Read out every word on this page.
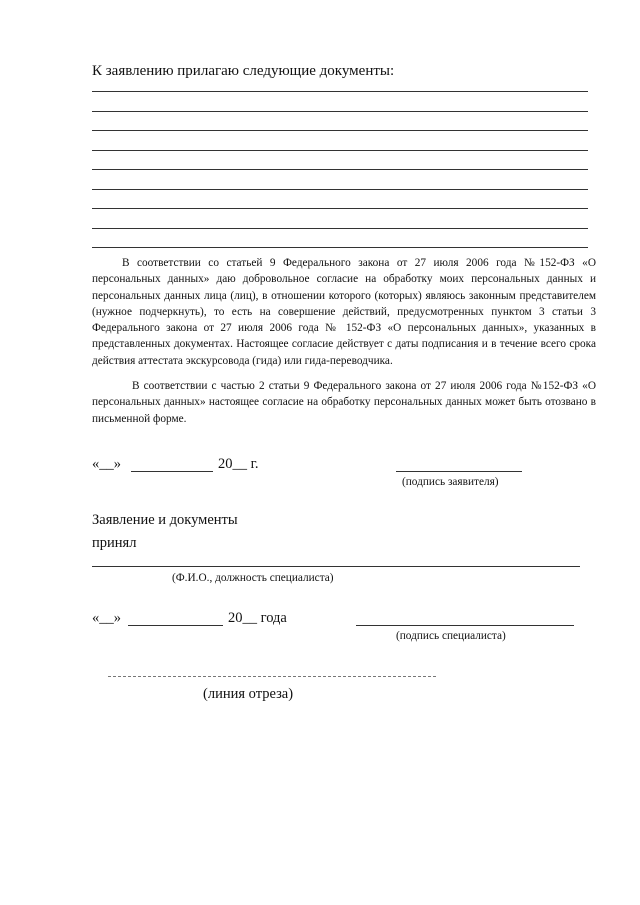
К заявлению прилагаю следующие документы:
В соответствии со статьей 9 Федерального закона от 27 июля 2006 года №152-ФЗ «О персональных данных» даю добровольное согласие на обработку моих персональных данных и персональных данных лица (лиц), в отношении которого (которых) являюсь законным представителем (нужное подчеркнуть), то есть на совершение действий, предусмотренных пунктом 3 статьи 3 Федерального закона от 27 июля 2006 года № 152-ФЗ «О персональных данных», указанных в представленных документах. Настоящее согласие действует с даты подписания и в течение всего срока действия аттестата экскурсовода (гида) или гида-переводчика.
В соответствии с частью 2 статьи 9 Федерального закона от 27 июля 2006 года №152-ФЗ «О персональных данных» настоящее согласие на обработку персональных данных может быть отозвано в письменной форме.
«__»	20__ г.
(подпись заявителя)
Заявление и документы
принял
(Ф.И.О., должность специалиста)
«__»	20__ года
(подпись специалиста)
(линия отреза)
